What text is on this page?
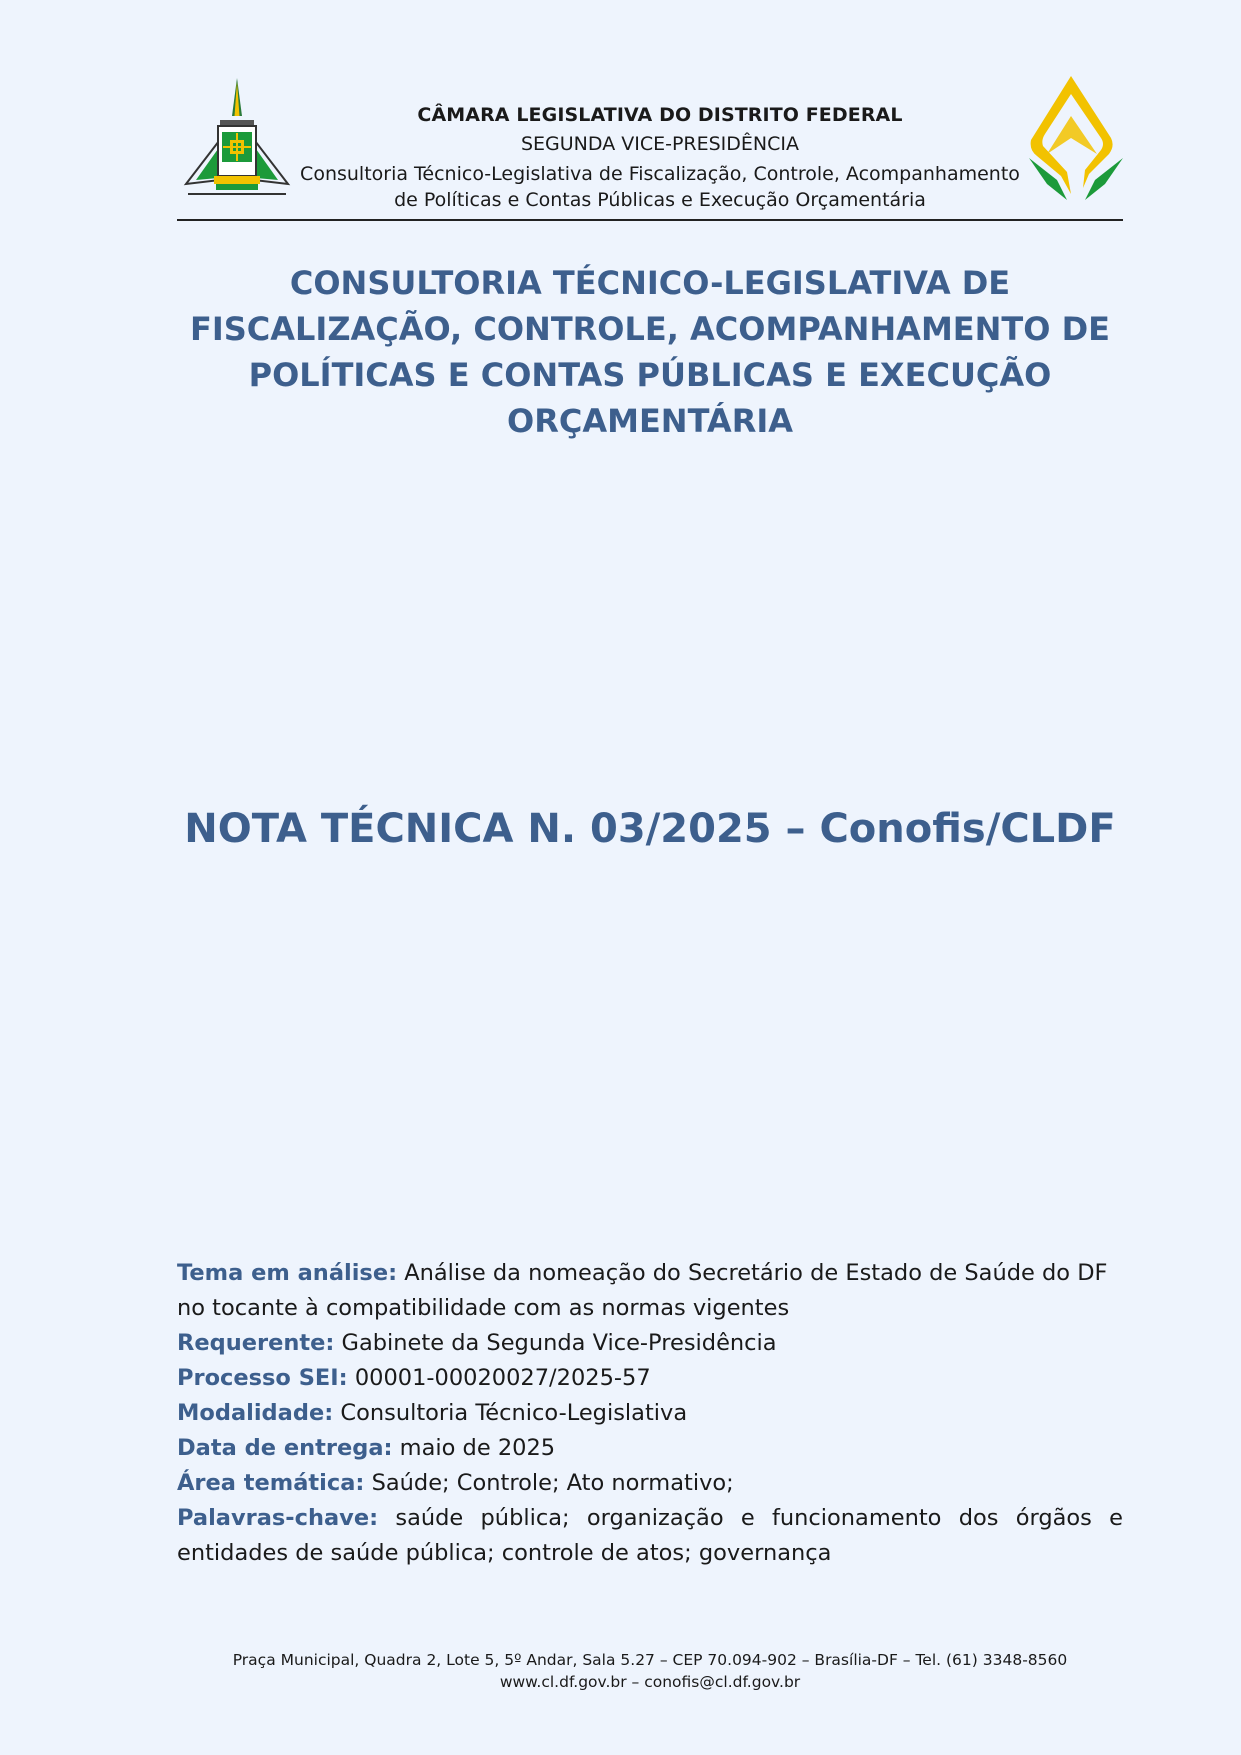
CÂMARA LEGISLATIVA DO DISTRITO FEDERAL
SEGUNDA VICE-PRESIDÊNCIA
Consultoria Técnico-Legislativa de Fiscalização, Controle, Acompanhamento
de Políticas e Contas Públicas e Execução Orçamentária
CONSULTORIA TÉCNICO-LEGISLATIVA DE
FISCALIZAÇÃO, CONTROLE, ACOMPANHAMENTO DE
POLÍTICAS E CONTAS PÚBLICAS E EXECUÇÃO
ORÇAMENTÁRIA
NOTA TÉCNICA N. 03/2025 – Conofis/CLDF

Tema em análise: Análise da nomeação do Secretário de Estado de Saúde do DF no tocante à compatibilidade com as normas vigentes

Requerente: Gabinete da Segunda Vice-Presidência

Processo SEI: 00001-00020027/2025-57

Modalidade: Consultoria Técnico-Legislativa

Data de entrega: maio de 2025

Área temática: Saúde; Controle; Ato normativo;

Palavras-chave: saúde pública; organização e funcionamento dos órgãos e entidades de saúde pública; controle de atos; governança

Praça Municipal, Quadra 2, Lote 5, 5º Andar, Sala 5.27 – CEP 70.094-902 – Brasília-DF – Tel. (61) 3348-8560
www.cl.df.gov.br – conofis@cl.df.gov.br
